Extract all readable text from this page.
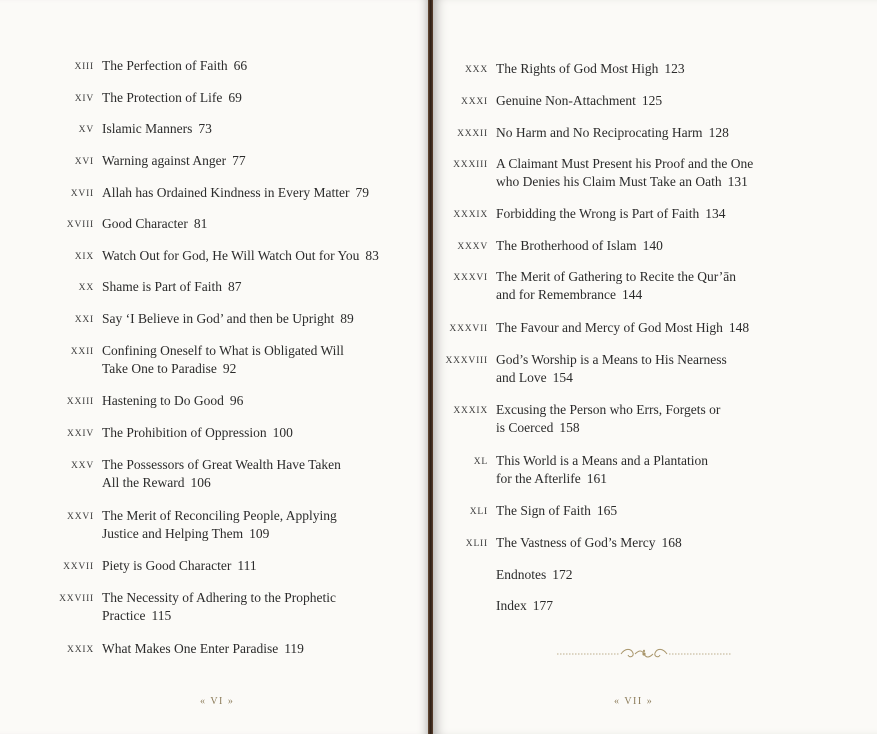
XIII The Perfection of Faith 66
XIV The Protection of Life 69
XV Islamic Manners 73
XVI Warning against Anger 77
XVII Allah has Ordained Kindness in Every Matter 79
XVIII Good Character 81
XIX Watch Out for God, He Will Watch Out for You 83
XX Shame is Part of Faith 87
XXI Say ‘I Believe in God’ and then be Upright 89
XXII Confining Oneself to What is Obligated Will
Take One to Paradise 92
XXIII Hastening to Do Good 96
XXIV The Prohibition of Oppression 100
XXV The Possessors of Great Wealth Have Taken
All the Reward 106
XXVI The Merit of Reconciling People, Applying
Justice and Helping Them 109
XXVII Piety is Good Character 111
XXVIII The Necessity of Adhering to the Prophetic
Practice 115
XXIX What Makes One Enter Paradise 119
XXX The Rights of God Most High 123
XXXI Genuine Non-Attachment 125
XXXII No Harm and No Reciprocating Harm 128
XXXIII A Claimant Must Present his Proof and the One
who Denies his Claim Must Take an Oath 131
XXXIX Forbidding the Wrong is Part of Faith 134
XXXV The Brotherhood of Islam 140
XXXVI The Merit of Gathering to Recite the Qur’ān
and for Remembrance 144
XXXVII The Favour and Mercy of God Most High 148
XXXVIII God’s Worship is a Means to His Nearness
and Love 154
XXXIX Excusing the Person who Errs, Forgets or
is Coerced 158
XL This World is a Means and a Plantation
for the Afterlife 161
XLI The Sign of Faith 165
XLII The Vastness of God’s Mercy 168
Endnotes 172
Index 177
« VI »	« VII »
